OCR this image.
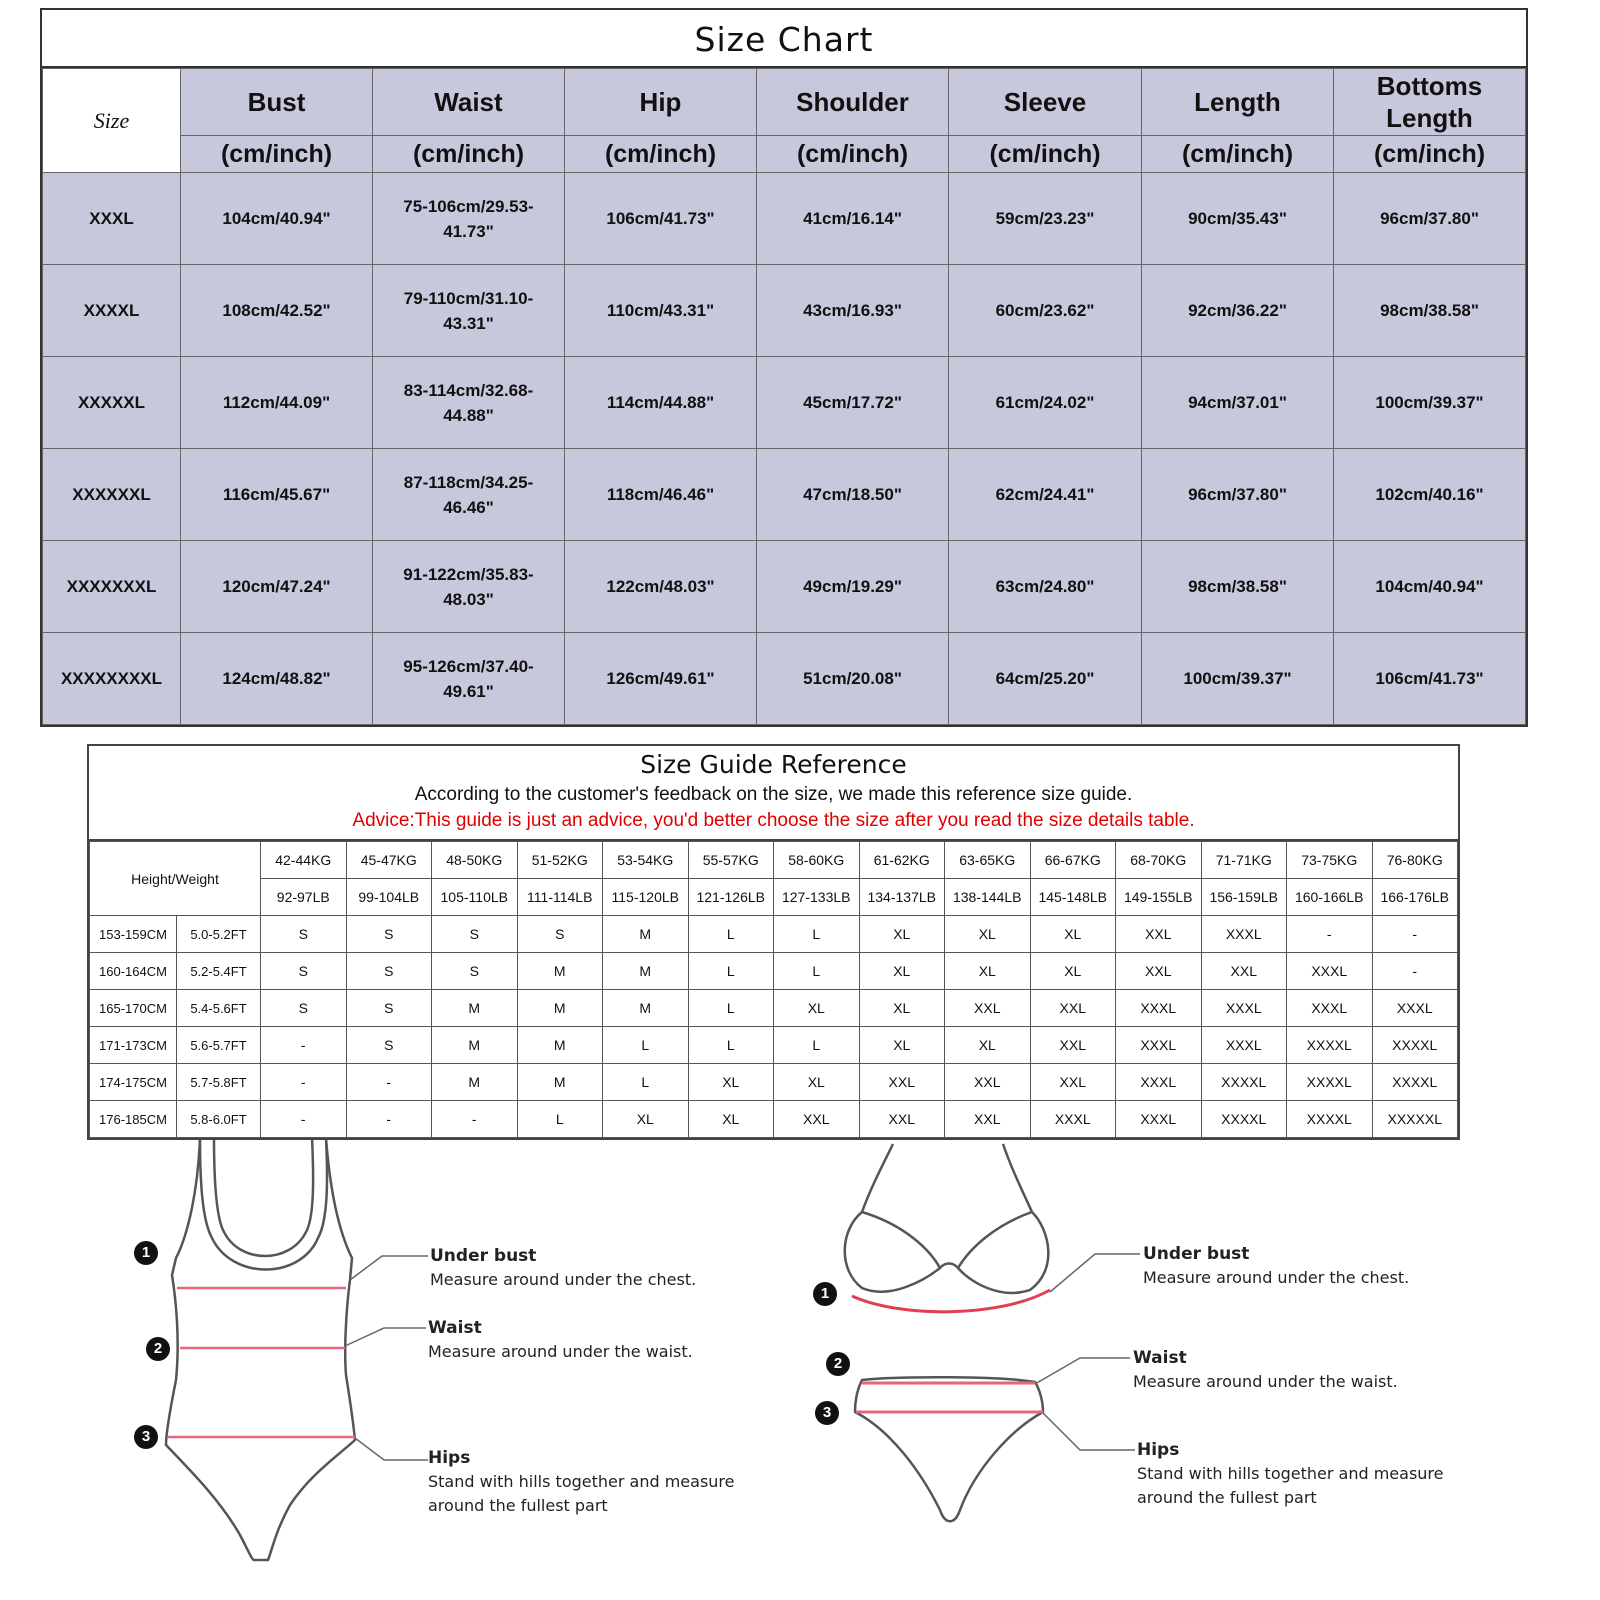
Size Chart
Size	Bust	Waist	Hip	Shoulder	Sleeve	Length	Bottoms Length
	(cm/inch)	(cm/inch)	(cm/inch)	(cm/inch)	(cm/inch)	(cm/inch)	(cm/inch)
XXXL	104cm/40.94"	75-106cm/29.53-41.73"	106cm/41.73"	41cm/16.14"	59cm/23.23"	90cm/35.43"	96cm/37.80"
XXXXL	108cm/42.52"	79-110cm/31.10-43.31"	110cm/43.31"	43cm/16.93"	60cm/23.62"	92cm/36.22"	98cm/38.58"
XXXXXL	112cm/44.09"	83-114cm/32.68-44.88"	114cm/44.88"	45cm/17.72"	61cm/24.02"	94cm/37.01"	100cm/39.37"
XXXXXXL	116cm/45.67"	87-118cm/34.25-46.46"	118cm/46.46"	47cm/18.50"	62cm/24.41"	96cm/37.80"	102cm/40.16"
XXXXXXXL	120cm/47.24"	91-122cm/35.83-48.03"	122cm/48.03"	49cm/19.29"	63cm/24.80"	98cm/38.58"	104cm/40.94"
XXXXXXXXL	124cm/48.82"	95-126cm/37.40-49.61"	126cm/49.61"	51cm/20.08"	64cm/25.20"	100cm/39.37"	106cm/41.73"
Size Guide Reference
According to the customer's feedback on the size, we made this reference size guide.
Advice:This guide is just an advice, you'd better choose the size after you read the size details table.
Height/Weight		42-44KG	45-47KG	48-50KG	51-52KG	53-54KG	55-57KG	58-60KG	61-62KG	63-65KG	66-67KG	68-70KG	71-71KG	73-75KG	76-80KG
		92-97LB	99-104LB	105-110LB	111-114LB	115-120LB	121-126LB	127-133LB	134-137LB	138-144LB	145-148LB	149-155LB	156-159LB	160-166LB	166-176LB
153-159CM	5.0-5.2FT	S	S	S	S	M	L	L	XL	XL	XL	XXL	XXXL	-	-
160-164CM	5.2-5.4FT	S	S	S	M	M	L	L	XL	XL	XL	XXL	XXL	XXXL	-
165-170CM	5.4-5.6FT	S	S	M	M	M	L	XL	XL	XXL	XXL	XXXL	XXXL	XXXL	XXXL
171-173CM	5.6-5.7FT	-	S	M	M	L	L	L	XL	XL	XXL	XXXL	XXXL	XXXXL	XXXXL
174-175CM	5.7-5.8FT	-	-	M	M	L	XL	XL	XXL	XXL	XXL	XXXL	XXXXL	XXXXL	XXXXL
176-185CM	5.8-6.0FT	-	-	-	L	XL	XL	XXL	XXL	XXL	XXXL	XXXL	XXXXL	XXXXL	XXXXXL
1
2
3
1
2
3
Under bust
Measure around under the chest.
Waist
Measure around under the waist.
Hips
Stand with hills together and measure
around the fullest part
Under bust
Measure around under the chest.
Waist
Measure around under the waist.
Hips
Stand with hills together and measure
around the fullest part
